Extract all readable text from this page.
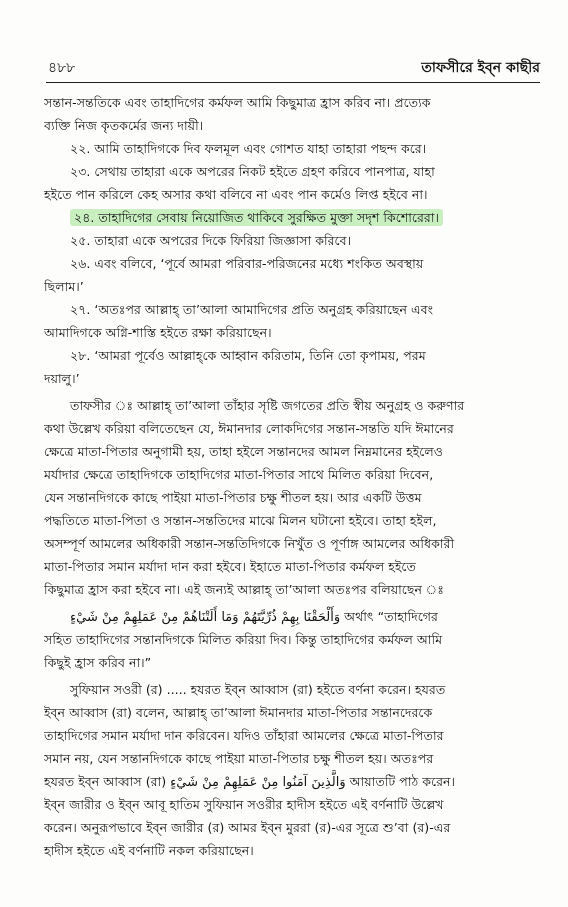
৪৮৮	তাফসীরে ইব্‌ন কাছীর
সন্তান-সন্ততিকে এবং তাহাদিগের কর্মফল আমি কিছুমাত্র হ্রাস করিব না। প্রত্যেক
ব্যক্তি নিজ কৃতকর্মের জন্য দায়ী।
২২. আমি তাহাদিগকে দিব ফলমূল এবং গোশত যাহা তাহারা পছন্দ করে।
২৩. সেথায় তাহারা একে অপরের নিকট হইতে গ্রহণ করিবে পানপাত্র, যাহা
হইতে পান করিলে কেহ অসার কথা বলিবে না এবং পান কর্মেও লিপ্ত হইবে না।
২৪. তাহাদিগের সেবায় নিয়োজিত থাকিবে সুরক্ষিত মুক্তা সদৃশ কিশোরেরা।
২৫. তাহারা একে অপরের দিকে ফিরিয়া জিজ্ঞাসা করিবে।
২৬. এবং বলিবে, ‘পূর্বে আমরা পরিবার-পরিজনের মধ্যে শংকিত অবস্থায়
ছিলাম।’
২৭. ‘অতঃপর আল্লাহ্ তা’আলা আমাদিগের প্রতি অনুগ্রহ করিয়াছেন এবং
আমাদিগকে অগ্নি-শাস্তি হইতে রক্ষা করিয়াছেন।
২৮. ‘আমরা পূর্বেও আল্লাহ্‌কে আহ্বান করিতাম, তিনি তো কৃপাময়, পরম
দয়ালু।’
তাফসীর ঃ আল্লাহ্ তা’আলা তাঁহার সৃষ্টি জগতের প্রতি স্বীয় অনুগ্রহ ও করুণার
কথা উল্লেখ করিয়া বলিতেছেন যে, ঈমানদার লোকদিগের সন্তান-সন্ততি যদি ঈমানের
ক্ষেত্রে মাতা-পিতার অনুগামী হয়, তাহা হইলে সন্তানদের আমল নিম্নমানের হইলেও
মর্যাদার ক্ষেত্রে তাহাদিগকে তাহাদিগের মাতা-পিতার সাথে মিলিত করিয়া দিবেন,
যেন সন্তানদিগকে কাছে পাইয়া মাতা-পিতার চক্ষু শীতল হয়। আর একটি উত্তম
পদ্ধতিতে মাতা-পিতা ও সন্তান-সন্ততিদের মাঝে মিলন ঘটানো হইবে। তাহা হইল,
অসম্পূর্ণ আমলের অধিকারী সন্তান-সন্ততিদিগকে নিখুঁত ও পূর্ণাঙ্গ আমলের অধিকারী
মাতা-পিতার সমান মর্যাদা দান করা হইবে। ইহাতে মাতা-পিতার কর্মফল হইতে
কিছুমাত্র হ্রাস করা হইবে না। এই জন্যই আল্লাহ্ তা’আলা অতঃপর বলিয়াছেন ঃ
وَأَلْحَقْنَا بِهِمْ ذُرِّيَّتَهُمْ وَمَا أَلَتْنَاهُمْ مِنْ عَمَلِهِمْ مِنْ شَيْءٍ অর্থাৎ “তাহাদিগের
সহিত তাহাদিগের সন্তানদিগকে মিলিত করিয়া দিব। কিন্তু তাহাদিগের কর্মফল আমি
কিছুই হ্রাস করিব না।”
সুফিয়ান সওরী (র) ..... হযরত ইব্‌ন আব্বাস (রা) হইতে বর্ণনা করেন। হযরত
ইব্‌ন আব্বাস (রা) বলেন, আল্লাহ্ তা’আলা ঈমানদার মাতা-পিতার সন্তানদেরকে
তাহাদিগের সমান মর্যাদা দান করিবেন। যদিও তাঁহারা আমলের ক্ষেত্রে মাতা-পিতার
সমান নয়, যেন সন্তানদিগকে কাছে পাইয়া মাতা-পিতার চক্ষু শীতল হয়। অতঃপর
হযরত ইব্‌ন আব্বাস (রা) وَالَّذِينَ آمَنُوا مِنْ عَمَلِهِمْ مِنْ شَيْءٍ আয়াতটি পাঠ করেন।
ইব্‌ন জারীর ও ইব্‌ন আবূ হাতিম সুফিয়ান সওরীর হাদীস হইতে এই বর্ণনাটি উল্লেখ
করেন। অনুরূপভাবে ইব্‌ন জারীর (র) আমর ইব্‌ন মুররা (র)-এর সূত্রে শু’বা (র)-এর
হাদীস হইতে এই বর্ণনাটি নকল করিয়াছেন।
